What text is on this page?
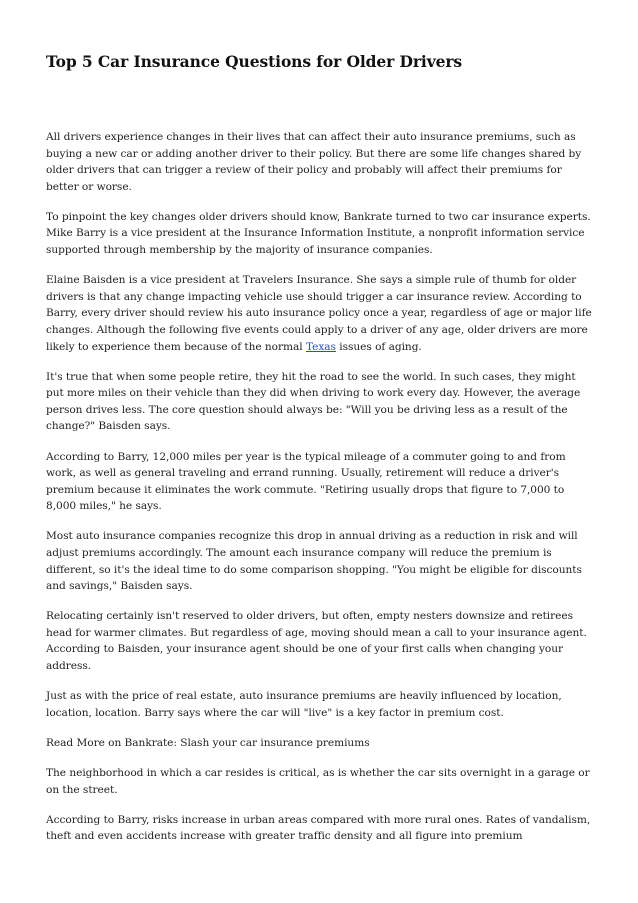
Top 5 Car Insurance Questions for Older Drivers

All drivers experience changes in their lives that can affect their auto insurance premiums, such as buying a new car or adding another driver to their policy. But there are some life changes shared by older drivers that can trigger a review of their policy and probably will affect their premiums for better or worse.

To pinpoint the key changes older drivers should know, Bankrate turned to two car insurance experts. Mike Barry is a vice president at the Insurance Information Institute, a nonprofit information service supported through membership by the majority of insurance companies.

Elaine Baisden is a vice president at Travelers Insurance. She says a simple rule of thumb for older drivers is that any change impacting vehicle use should trigger a car insurance review. According to Barry, every driver should review his auto insurance policy once a year, regardless of age or major life changes. Although the following five events could apply to a driver of any age, older drivers are more likely to experience them because of the normal Texas issues of aging.

It's true that when some people retire, they hit the road to see the world. In such cases, they might put more miles on their vehicle than they did when driving to work every day. However, the average person drives less. The core question should always be: "Will you be driving less as a result of the change?" Baisden says.

According to Barry, 12,000 miles per year is the typical mileage of a commuter going to and from work, as well as general traveling and errand running. Usually, retirement will reduce a driver's premium because it eliminates the work commute. "Retiring usually drops that figure to 7,000 to 8,000 miles," he says.

Most auto insurance companies recognize this drop in annual driving as a reduction in risk and will adjust premiums accordingly. The amount each insurance company will reduce the premium is different, so it's the ideal time to do some comparison shopping. "You might be eligible for discounts and savings," Baisden says.

Relocating certainly isn't reserved to older drivers, but often, empty nesters downsize and retirees head for warmer climates. But regardless of age, moving should mean a call to your insurance agent. According to Baisden, your insurance agent should be one of your first calls when changing your address.

Just as with the price of real estate, auto insurance premiums are heavily influenced by location, location, location. Barry says where the car will "live" is a key factor in premium cost.

Read More on Bankrate: Slash your car insurance premiums

The neighborhood in which a car resides is critical, as is whether the car sits overnight in a garage or on the street.

According to Barry, risks increase in urban areas compared with more rural ones. Rates of vandalism, theft and even accidents increase with greater traffic density and all figure into premium
